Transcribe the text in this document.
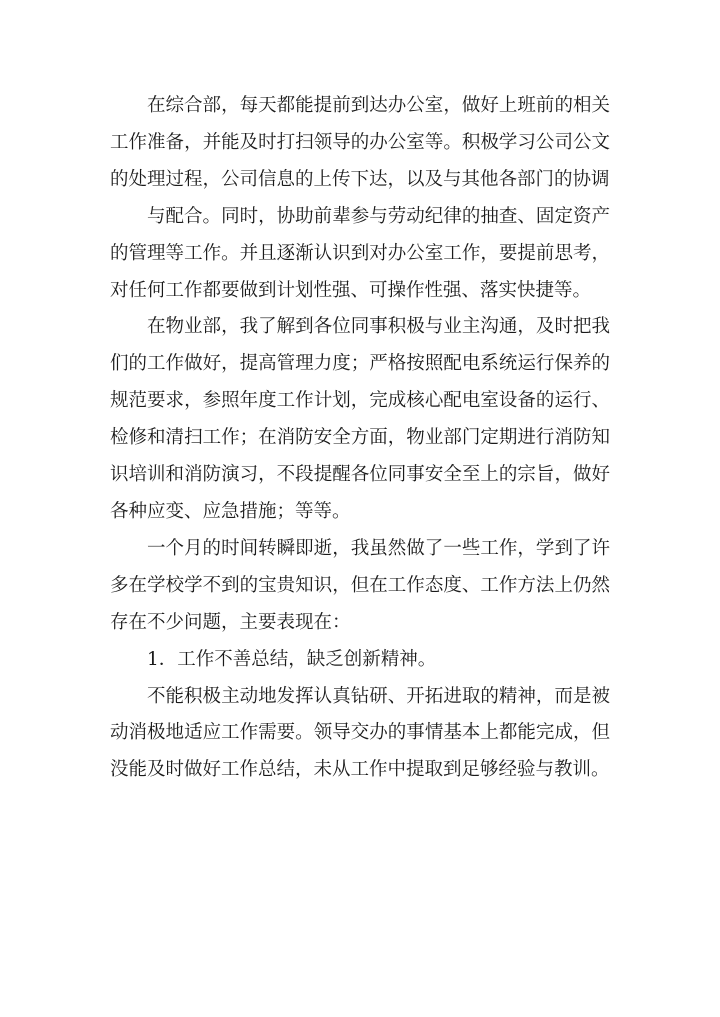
在综合部，每天都能提前到达办公室，做好上班前的相关工作准备，并能及时打扫领导的办公室等。积极学习公司公文的处理过程，公司信息的上传下达，以及与其他各部门的协调

与配合。同时，协助前辈参与劳动纪律的抽查、固定资产的管理等工作。并且逐渐认识到对办公室工作，要提前思考，对任何工作都要做到计划性强、可操作性强、落实快捷等。

在物业部，我了解到各位同事积极与业主沟通，及时把我们的工作做好，提高管理力度；严格按照配电系统运行保养的规范要求，参照年度工作计划，完成核心配电室设备的运行、检修和清扫工作；在消防安全方面，物业部门定期进行消防知识培训和消防演习，不段提醒各位同事安全至上的宗旨，做好各种应变、应急措施；等等。

一个月的时间转瞬即逝，我虽然做了一些工作，学到了许多在学校学不到的宝贵知识，但在工作态度、工作方法上仍然存在不少问题，主要表现在：

1．工作不善总结，缺乏创新精神。

不能积极主动地发挥认真钻研、开拓进取的精神，而是被动消极地适应工作需要。领导交办的事情基本上都能完成，但没能及时做好工作总结，未从工作中提取到足够经验与教训。
